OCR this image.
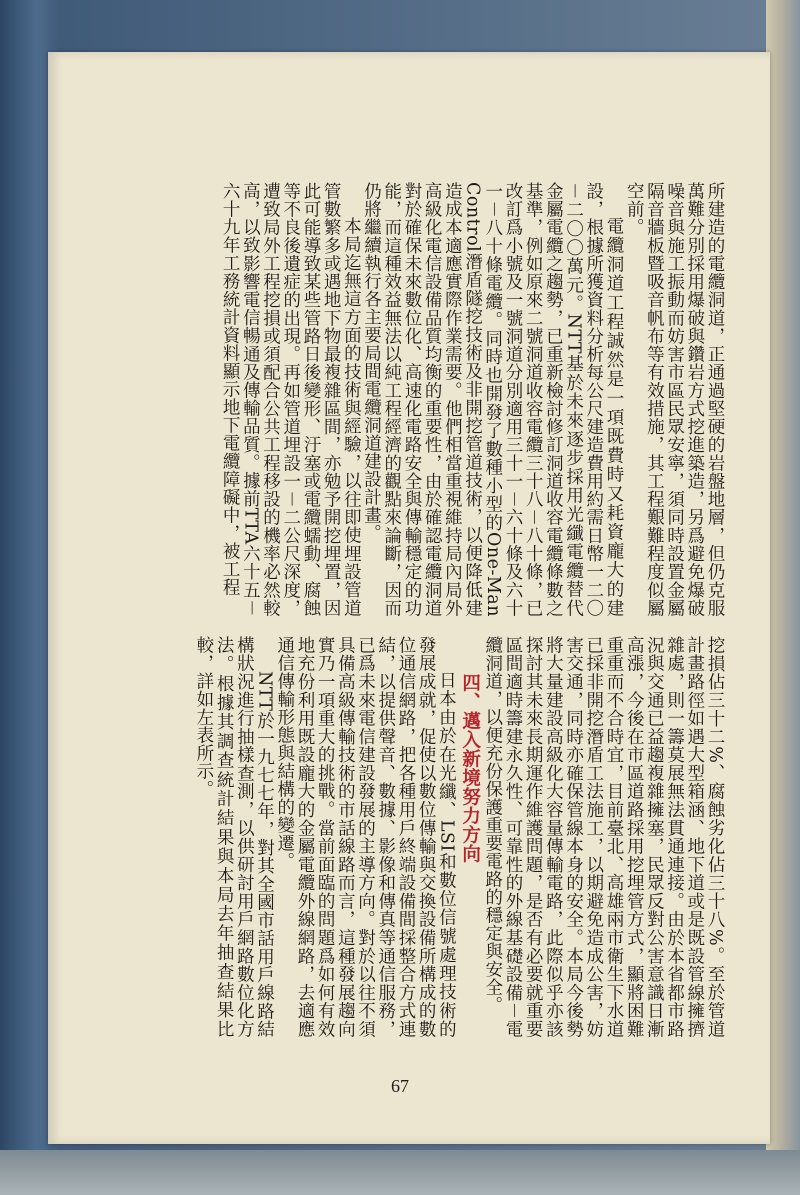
所建造的電纜洞道，正通過堅硬的岩盤地層，但仍克服萬難分別採用爆破與鑽岩方式挖進築造，另爲避免爆破噪音與施工振動而妨害市區民眾安寧，須同時設置金屬隔音牆板暨吸音帆布等有效措施，其工程艱難程度似屬空前。

電纜洞道工程誠然是一項既費時又耗資龐大的建設，根據所獲資料分析每公尺建造費用約需日幣一二〇－二〇〇萬元。NTT基於未來逐步採用光纖電纜替代金屬電纜之趨勢，已重新檢討修訂洞道收容電纜條數之基準，例如原來二號洞道收容電纜三十八－八十條，已改訂爲小號及一號洞道分別適用三十一－六十條及六十一－八十條電纜。同時也開發了數種小型的One-Man Control潛盾隧挖技術及非開挖管道技術，以便降低建造成本適應實際作業需要。他們相當重視維持局內局外高級化電信設備品質均衡的重要性，由於確認電纜洞道對於確保未來數位化、高速化電路安全與傳輸穩定的功能，而這種效益無法以純工程經濟的觀點來論斷，因而仍將繼續執行各主要局間電纜洞道建設計畫。

本局迄無這方面的技術與經驗，以往即使埋設管道管數繁多或遇地下物最複雜區間，亦勉予開挖埋置，因此可能導致某些管路日後變形、汙塞或電纜蠕動、腐蝕等不良後遺症的出現。再如管道埋設一－二公尺深度，遭致局外工程挖損或須配合公共工程移設的機率必然較高，以致影響電信暢通及傳輸品質。據前TTA六十五－六十九年工務統計資料顯示地下電纜障礙中，被工程

挖損佔三十二%、腐蝕劣化佔三十八%。至於管道計畫路徑如遇大型箱涵、地下道或是既設管線擁擠雜處，則一籌莫展無法貫通連接。由於本省都市路況與交通已益趨複雜擁塞，民眾反對公害意識日漸高漲，今後在市區道路採用挖埋管方式，顯將困難重重而不合時宜，目前臺北、高雄兩市衛生下水道已採非開挖潛盾工法施工，以期避免造成公害，妨害交通，同時亦確保管線本身的安全。本局今後勢將大量建設高級化大容量傳輸電路，此際似乎亦該探討其未來長期運作維護問題，是否有必要就重要區間適時籌建永久性、可靠性的外線基礎設備－電纜洞道，以便充份保護重要電路的穩定與安全。

四、邁入新境努力方向

日本由於在光纖、LSI和數位信號處理技術的發展成就，促使以數位傳輸與交換設備所構成的數位通信網路，把各種用戶終端設備間採整合方式連結，以提供聲音、數據、影像和傳真等通信服務，已爲未來電信建設發展的主導方向。對於以往不須具備高級傳輸技術的市話線路而言，這種發展趨向實乃一項重大的挑戰。當前面臨的問題爲如何有效地充份利用既設龐大的金屬電纜外線網路，去適應通信傳輸形態與結構的變遷。

NTT於一九七七年，對其全國市話用戶線路結構狀況進行抽樣查測，以供研討用戶網路數位化方法。根據其調查統計結果與本局去年抽查結果比較，詳如左表所示。

67
